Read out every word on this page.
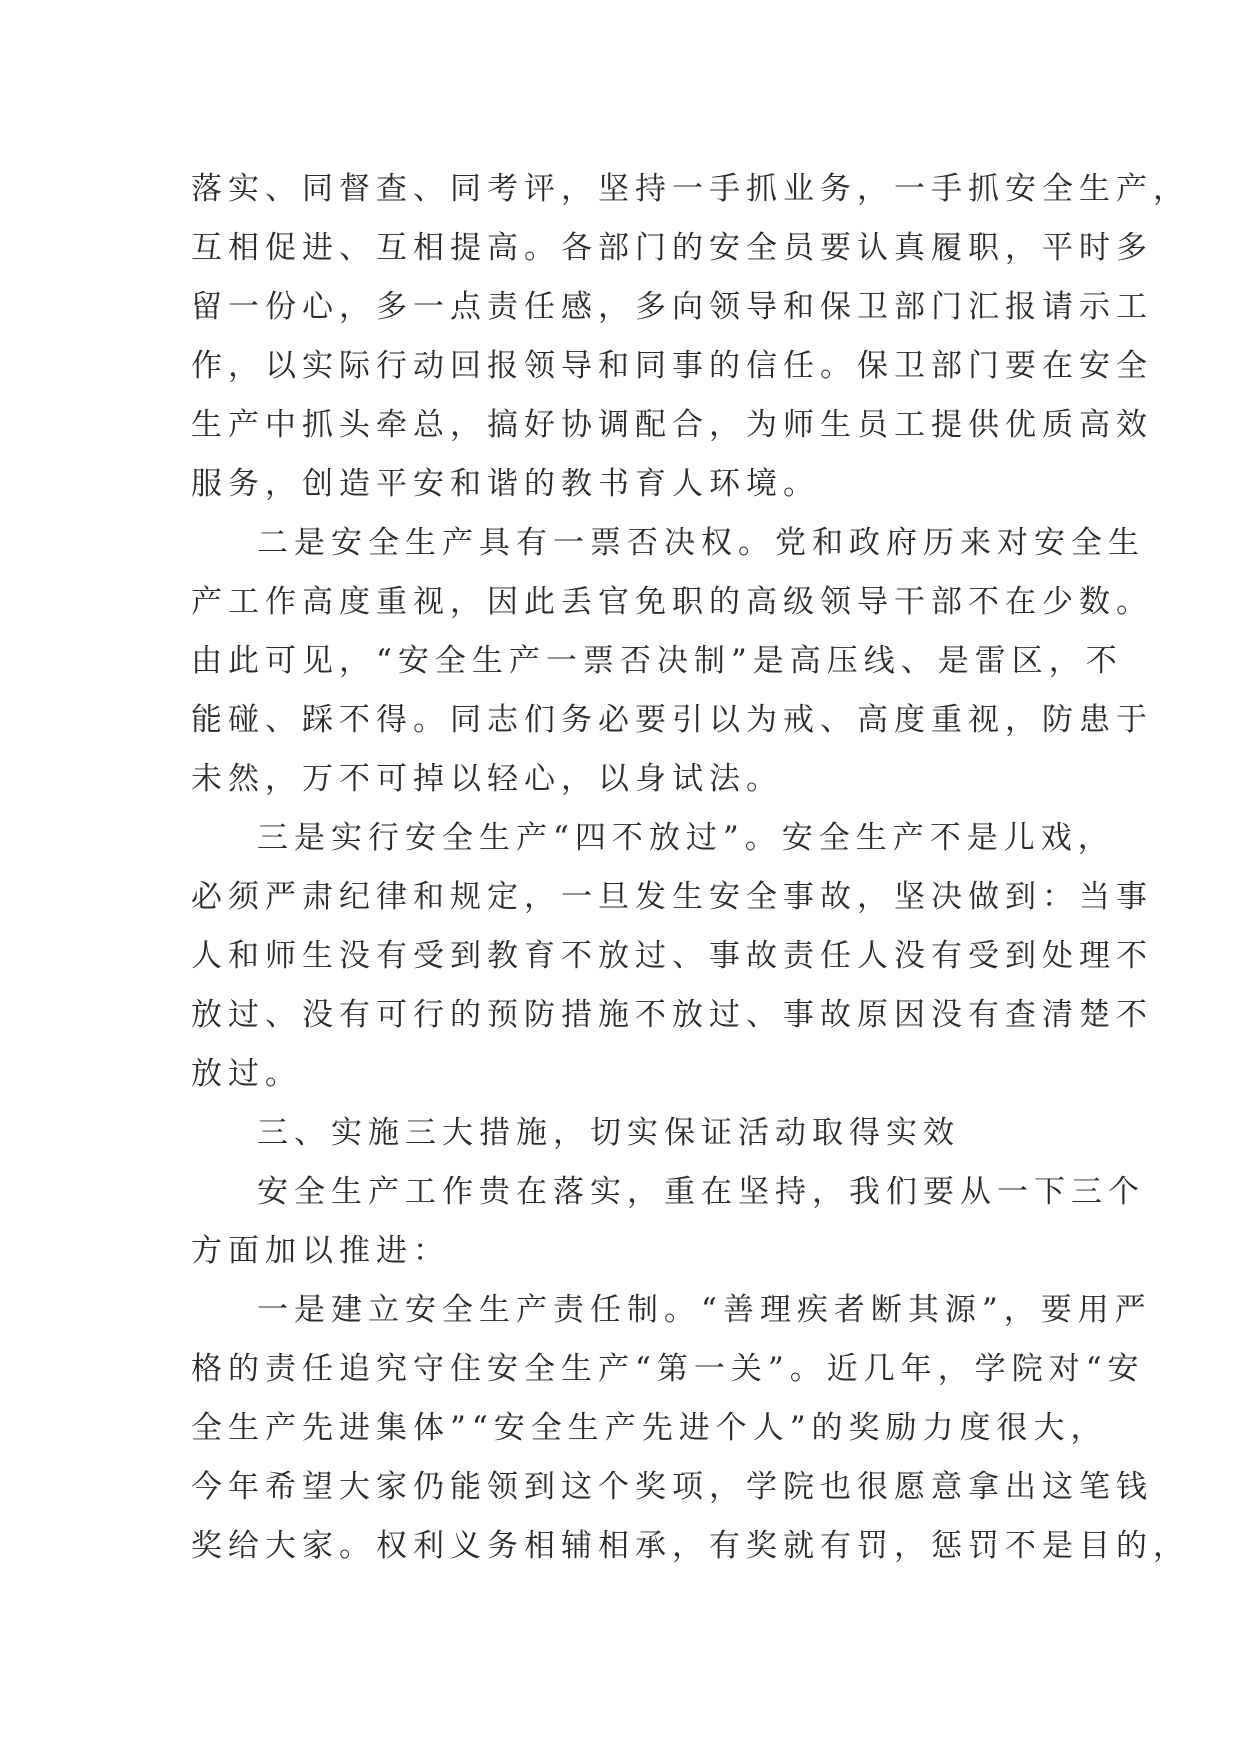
落实、同督查、同考评，坚持一手抓业务，一手抓安全生产，
互相促进、互相提高。各部门的安全员要认真履职，平时多
留一份心，多一点责任感，多向领导和保卫部门汇报请示工
作，以实际行动回报领导和同事的信任。保卫部门要在安全
生产中抓头牵总，搞好协调配合，为师生员工提供优质高效
服务，创造平安和谐的教书育人环境。
二是安全生产具有一票否决权。党和政府历来对安全生
产工作高度重视，因此丢官免职的高级领导干部不在少数。
由此可见，“安全生产一票否决制”是高压线、是雷区，不
能碰、踩不得。同志们务必要引以为戒、高度重视，防患于
未然，万不可掉以轻心，以身试法。
三是实行安全生产“四不放过”。安全生产不是儿戏，
必须严肃纪律和规定，一旦发生安全事故，坚决做到：当事
人和师生没有受到教育不放过、事故责任人没有受到处理不
放过、没有可行的预防措施不放过、事故原因没有查清楚不
放过。
三、实施三大措施，切实保证活动取得实效
安全生产工作贵在落实，重在坚持，我们要从一下三个
方面加以推进：
一是建立安全生产责任制。“善理疾者断其源”，要用严
格的责任追究守住安全生产“第一关”。近几年，学院对“安
全生产先进集体”“安全生产先进个人”的奖励力度很大，
今年希望大家仍能领到这个奖项，学院也很愿意拿出这笔钱
奖给大家。权利义务相辅相承，有奖就有罚，惩罚不是目的，
